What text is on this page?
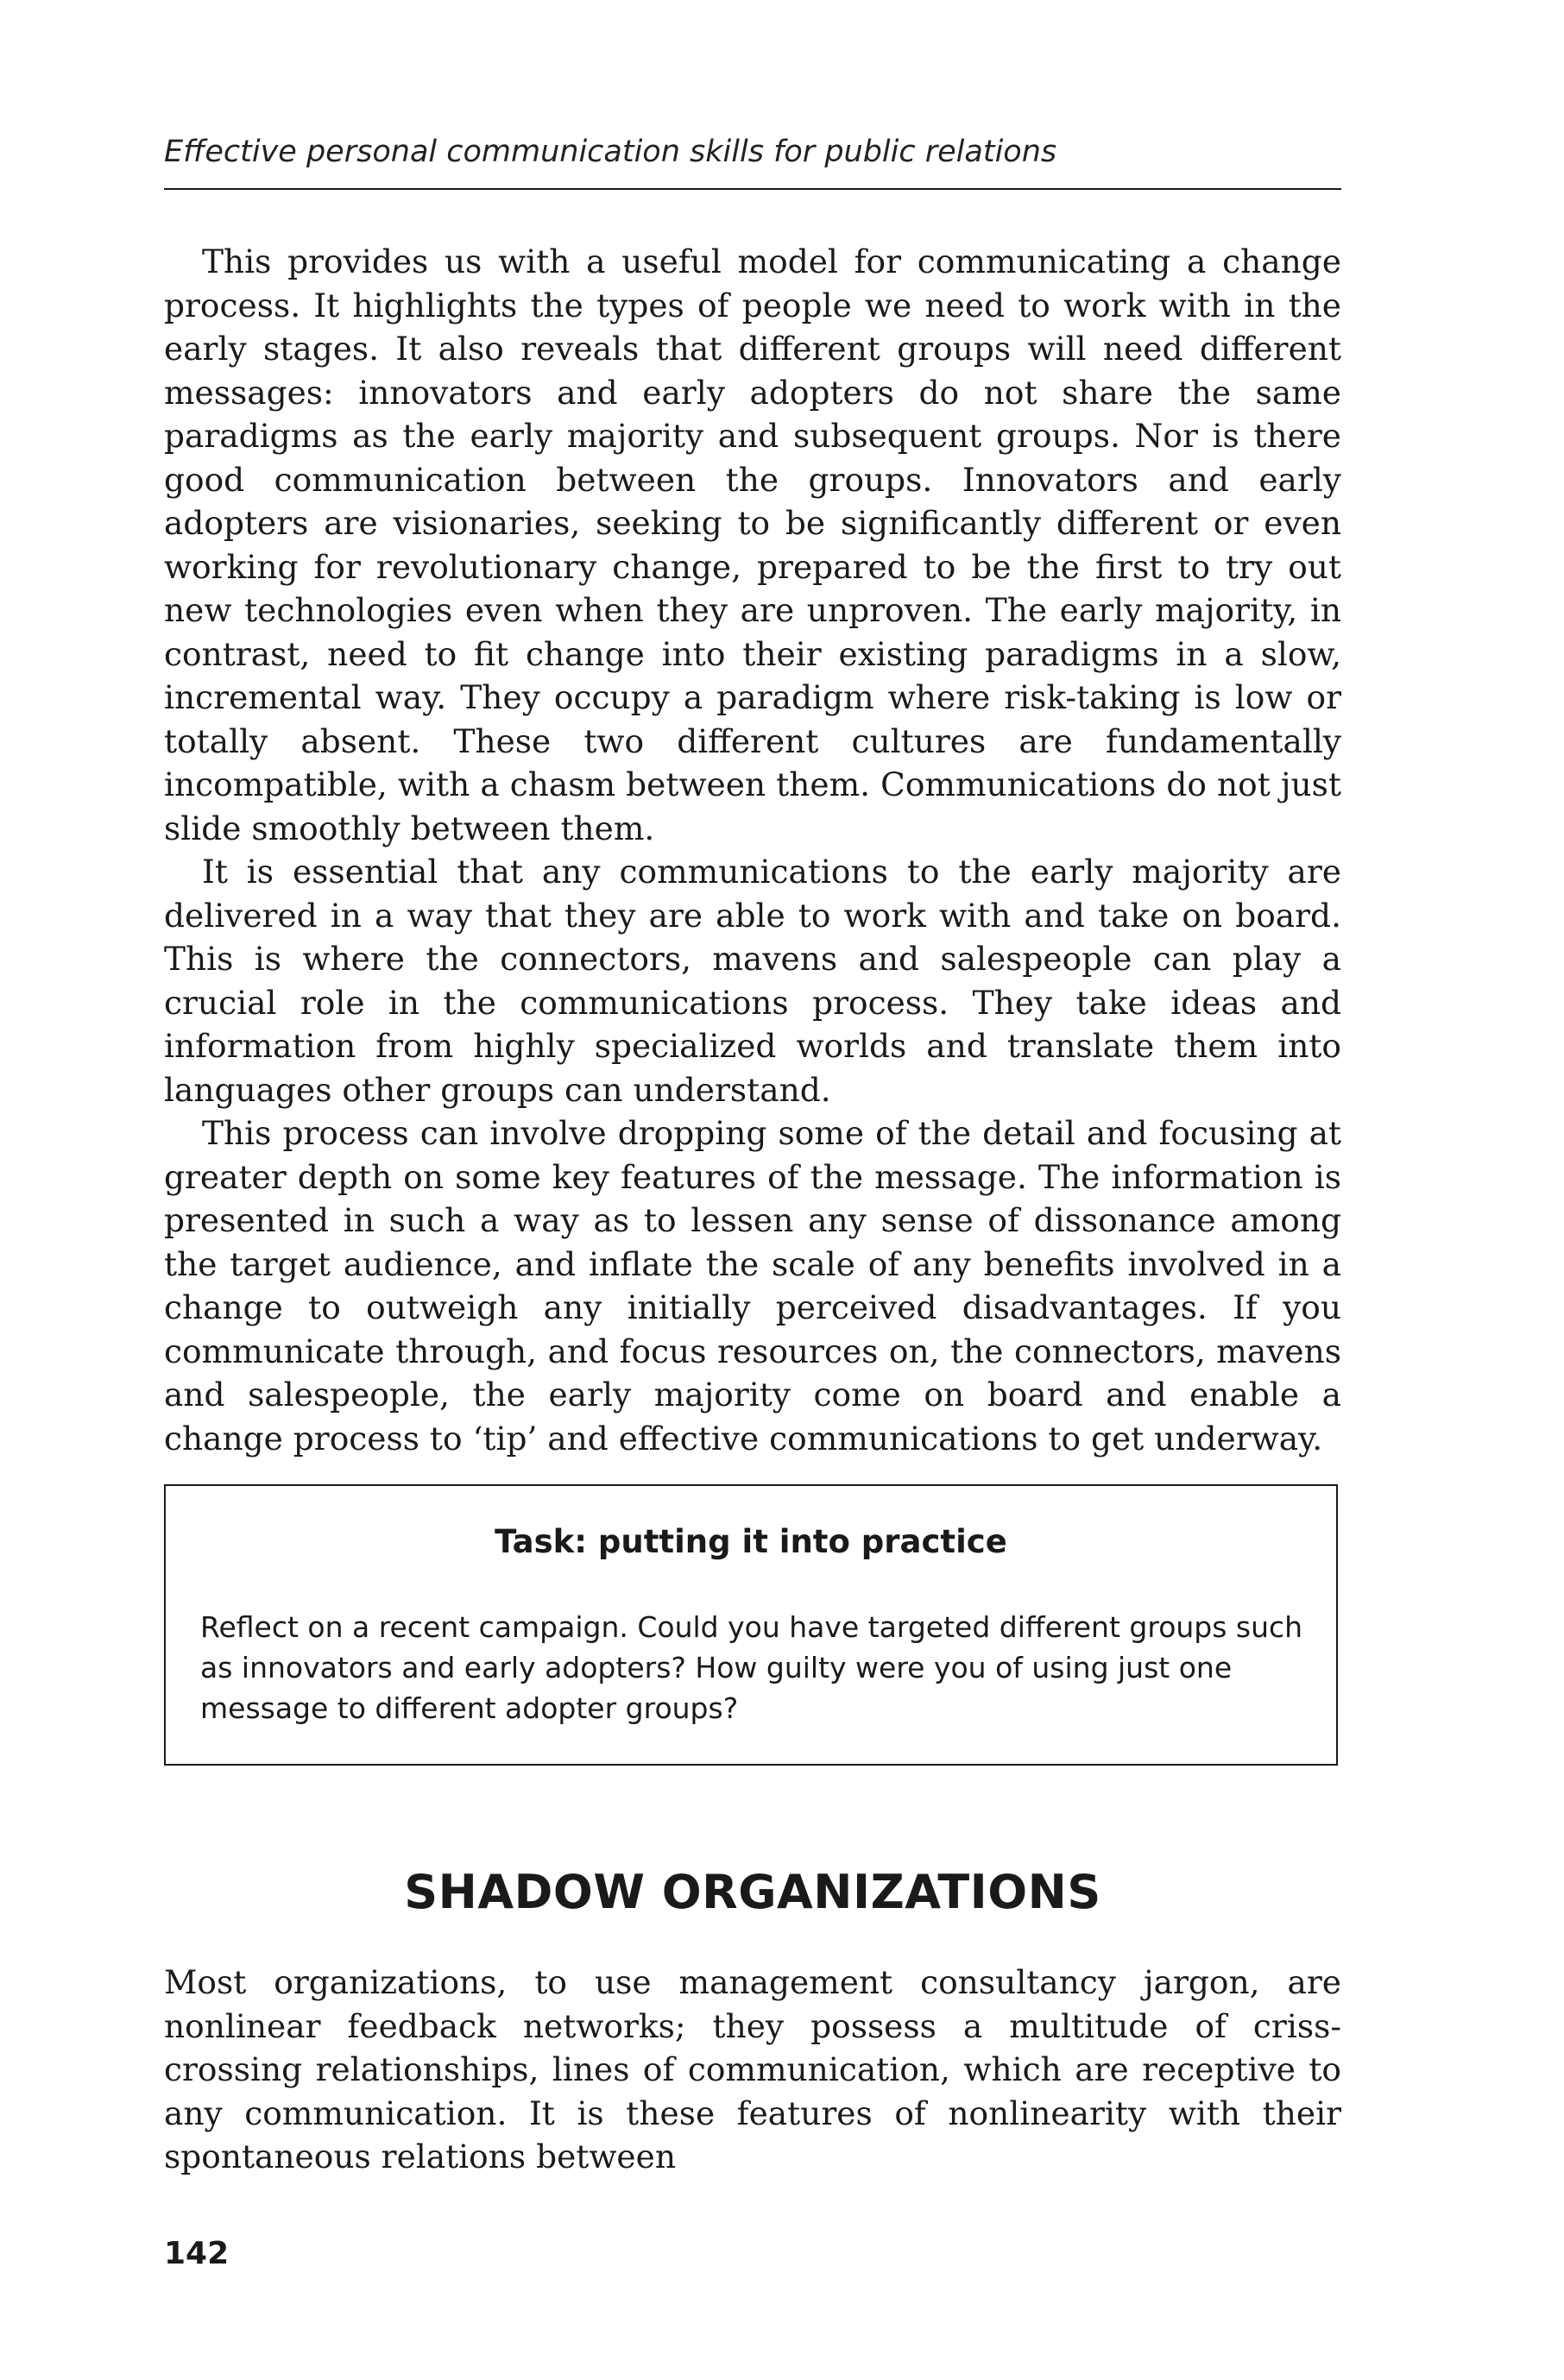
Effective personal communication skills for public relations

This provides us with a useful model for communicating a change process. It highlights the types of people we need to work with in the early stages. It also reveals that different groups will need different messages: innovators and early adopters do not share the same paradigms as the early majority and subsequent groups. Nor is there good communication between the groups. Innovators and early adopters are visionaries, seeking to be significantly different or even working for revolutionary change, prepared to be the first to try out new technologies even when they are unproven. The early majority, in contrast, need to fit change into their existing paradigms in a slow, incremental way. They occupy a paradigm where risk-taking is low or totally absent. These two different cultures are fundamentally incompatible, with a chasm between them. Communications do not just slide smoothly between them.

It is essential that any communications to the early majority are delivered in a way that they are able to work with and take on board. This is where the connectors, mavens and salespeople can play a crucial role in the communications process. They take ideas and information from highly specialized worlds and translate them into languages other groups can understand.

This process can involve dropping some of the detail and focusing at greater depth on some key features of the message. The information is presented in such a way as to lessen any sense of dissonance among the target audience, and inflate the scale of any benefits involved in a change to outweigh any initially perceived disadvantages. If you communicate through, and focus resources on, the connectors, mavens and salespeople, the early majority come on board and enable a change process to ‘tip’ and effective communications to get underway.

Task: putting it into practice
Reflect on a recent campaign. Could you have targeted different groups such as innovators and early adopters? How guilty were you of using just one message to different adopter groups?
SHADOW ORGANIZATIONS

Most organizations, to use management consultancy jargon, are nonlinear feedback networks; they possess a multitude of criss-crossing relationships, lines of communication, which are receptive to any communication. It is these features of nonlinearity with their spontaneous relations between

142
